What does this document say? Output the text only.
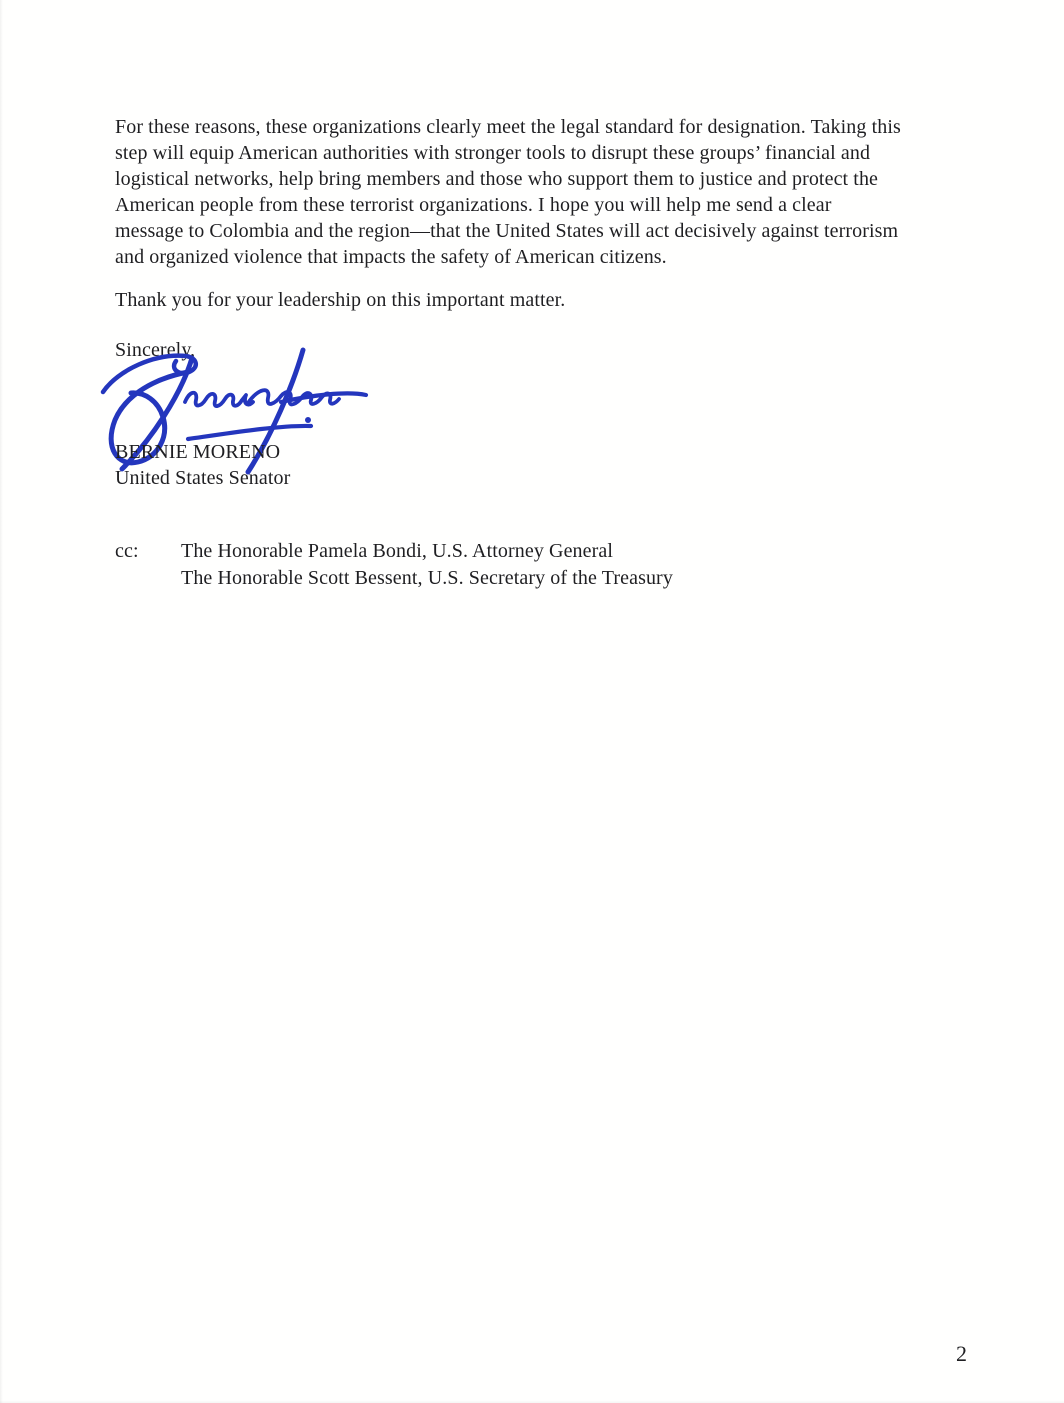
For these reasons, these organizations clearly meet the legal standard for designation. Taking this
step will equip American authorities with stronger tools to disrupt these groups’ financial and
logistical networks, help bring members and those who support them to justice and protect the
American people from these terrorist organizations. I hope you will help me send a clear
message to Colombia and the region—that the United States will act decisively against terrorism
and organized violence that impacts the safety of American citizens.
Thank you for your leadership on this important matter.
Sincerely,
BERNIE MORENO
United States Senator
cc: The Honorable Pamela Bondi, U.S. Attorney General
The Honorable Scott Bessent, U.S. Secretary of the Treasury
2
